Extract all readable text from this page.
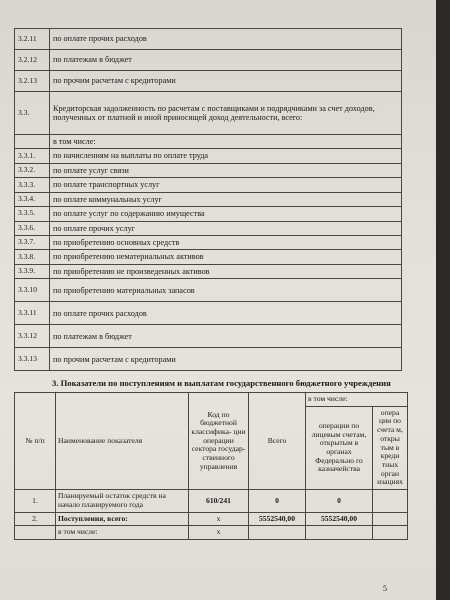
3.2.11	по оплате прочих расходов
3.2.12	по платежам в бюджет
3.2.13	по прочим расчетам с кредиторами
3.3.	Кредиторская задолженность по расчетам с поставщиками и подрядчиками за счет доходов, полученных от платной и иной приносящей доход деятельности, всего:
	в том числе:
3.3.1.	по начислениям на выплаты по оплате труда
3.3.2.	по оплате услуг связи
3.3.3.	по оплате транспортных услуг
3.3.4.	по оплате коммунальных услуг
3.3.5.	по оплате услуг по содержанию имущества
3.3.6.	по оплате прочих услуг
3.3.7.	по приобретению основных средств
3.3.8.	по приобретению нематериальных активов
3.3.9.	по приобретению не произведенных активов
3.3.10	по приобретению материальных запасов
3.3.11	по оплате прочих расходов
3.3.12	по платежам в бюджет
3.3.13	по прочим расчетам с кредиторами
3. Показатели по поступлениям и выплатам государственного бюджетного учреждения
№ п/п	Наименование показателя	Код по бюджетной классифика- ции операции сектора государ- ственного управления	Всего	в том числе:	
				операции по лицевым счетам, открытым в органах Федерально го казначейства	опера ции по счета м, откры тым в креди тных орган изациях
1.	Планируемый остаток средств на начало планируемого года	610/241	0	0	
2.	Поступления, всего:	x	5552540,00	5552540,00	
	в том числе:	x			
5
